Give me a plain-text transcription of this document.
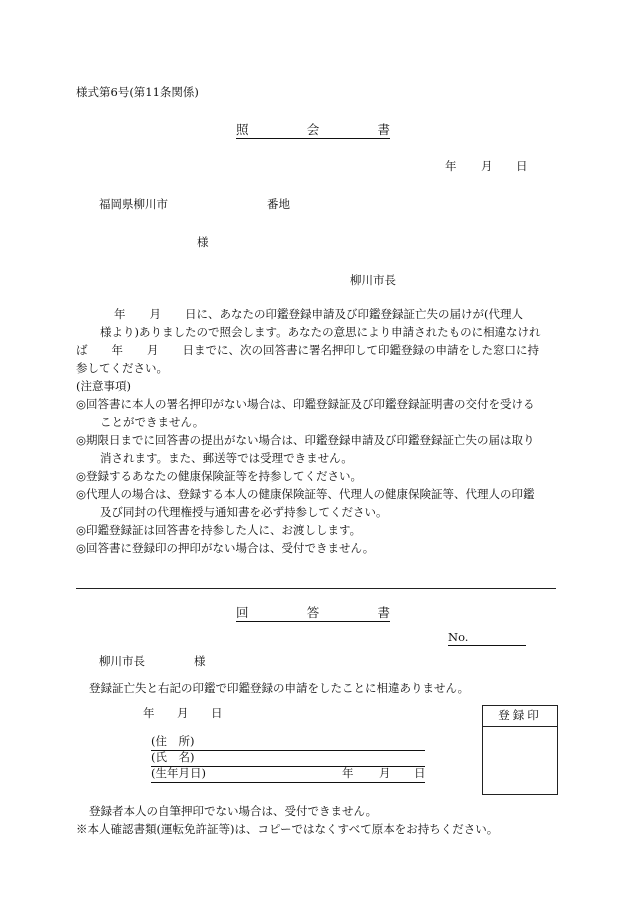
様式第6号(第11条関係)
照	会	書
年 月 日
福岡県柳川市	番地
様
柳川市長
年 月 日に、あなたの印鑑登録申請及び印鑑登録証亡失の届けが(代理人
様より)ありましたので照会します。あなたの意思により申請されたものに相違なけれ
ば 年 月 日までに、次の回答書に署名押印して印鑑登録の申請をした窓口に持
参してください。
(注意事項)
◎回答書に本人の署名押印がない場合は、印鑑登録証及び印鑑登録証明書の交付を受ける
ことができません。
◎期限日までに回答書の提出がない場合は、印鑑登録申請及び印鑑登録証亡失の届は取り
消されます。また、郵送等では受理できません。
◎登録するあなたの健康保険証等を持参してください。
◎代理人の場合は、登録する本人の健康保険証等、代理人の健康保険証等、代理人の印鑑
及び同封の代理権授与通知書を必ず持参してください。
◎印鑑登録証は回答書を持参した人に、お渡しします。
◎回答書に登録印の押印がない場合は、受付できません。
回	答	書
No.
柳川市長	様
登録証亡失と右記の印鑑で印鑑登録の申請をしたことに相違ありません。
年 月 日
(住　所)
(氏　名)
(生年月日)	年 月 日
登録印
登録者本人の自筆押印でない場合は、受付できません。
※本人確認書類(運転免許証等)は、コピーではなくすべて原本をお持ちください。
